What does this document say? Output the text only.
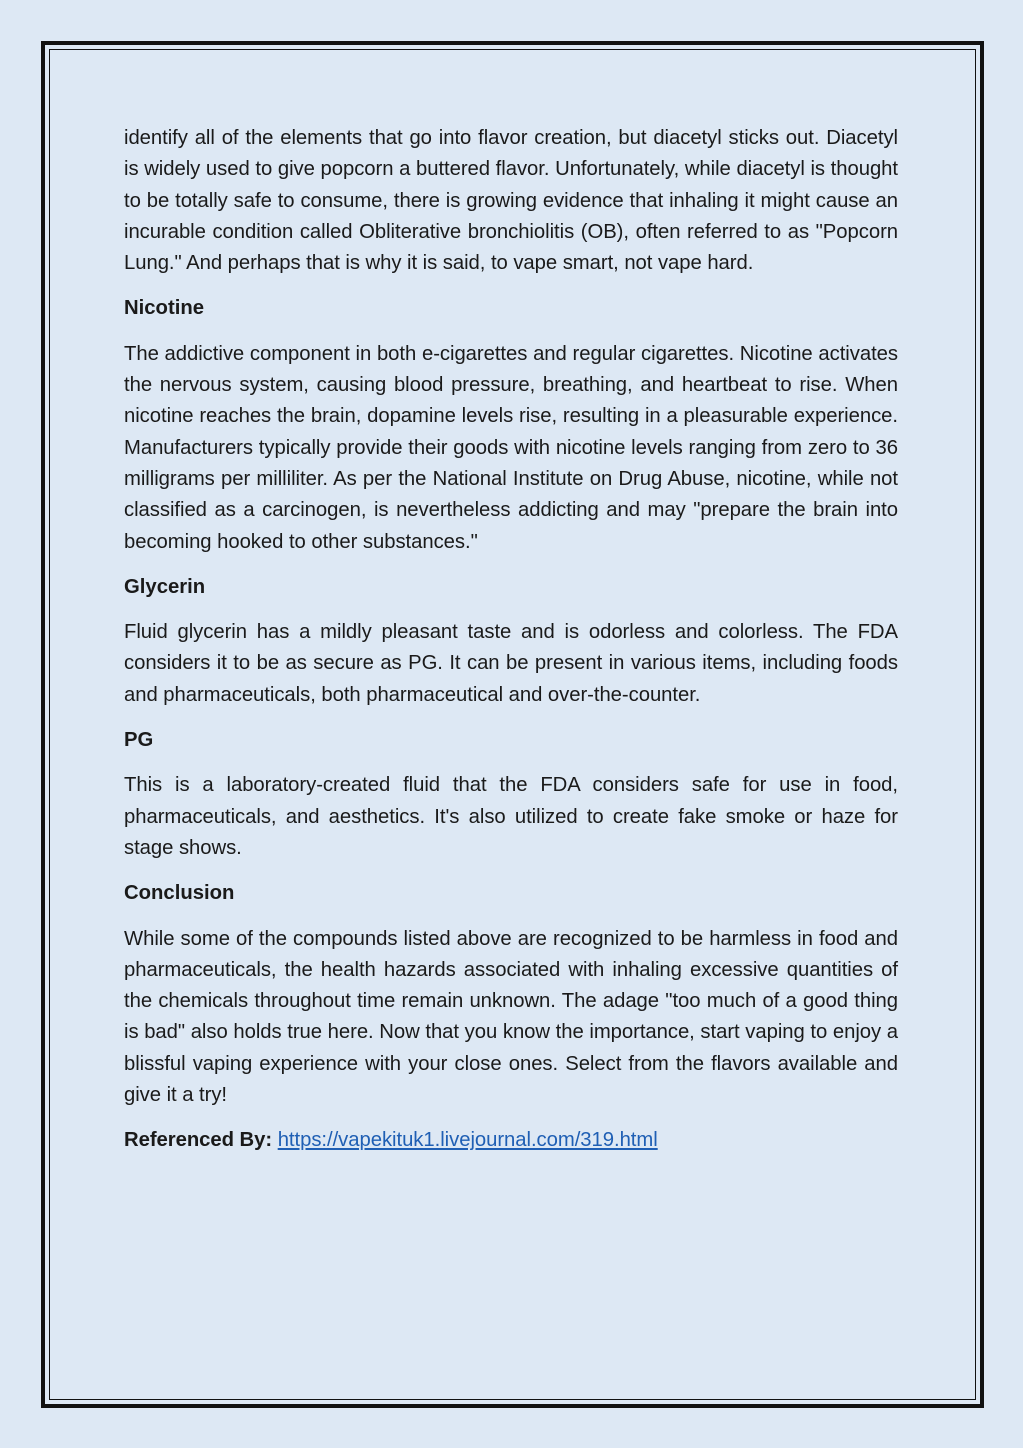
identify all of the elements that go into flavor creation, but diacetyl sticks out. Diacetyl is widely used to give popcorn a buttered flavor. Unfortunately, while diacetyl is thought to be totally safe to consume, there is growing evidence that inhaling it might cause an incurable condition called Obliterative bronchiolitis (OB), often referred to as "Popcorn Lung." And perhaps that is why it is said, to vape smart, not vape hard.

Nicotine

The addictive component in both e-cigarettes and regular cigarettes. Nicotine activates the nervous system, causing blood pressure, breathing, and heartbeat to rise. When nicotine reaches the brain, dopamine levels rise, resulting in a pleasurable experience. Manufacturers typically provide their goods with nicotine levels ranging from zero to 36 milligrams per milliliter. As per the National Institute on Drug Abuse, nicotine, while not classified as a carcinogen, is nevertheless addicting and may "prepare the brain into becoming hooked to other substances."

Glycerin

Fluid glycerin has a mildly pleasant taste and is odorless and colorless. The FDA considers it to be as secure as PG. It can be present in various items, including foods and pharmaceuticals, both pharmaceutical and over-the-counter.

PG

This is a laboratory-created fluid that the FDA considers safe for use in food, pharmaceuticals, and aesthetics. It's also utilized to create fake smoke or haze for stage shows.

Conclusion

While some of the compounds listed above are recognized to be harmless in food and pharmaceuticals, the health hazards associated with inhaling excessive quantities of the chemicals throughout time remain unknown. The adage "too much of a good thing is bad" also holds true here. Now that you know the importance, start vaping to enjoy a blissful vaping experience with your close ones. Select from the flavors available and give it a try!

Referenced By: https://vapekituk1.livejournal.com/319.html
